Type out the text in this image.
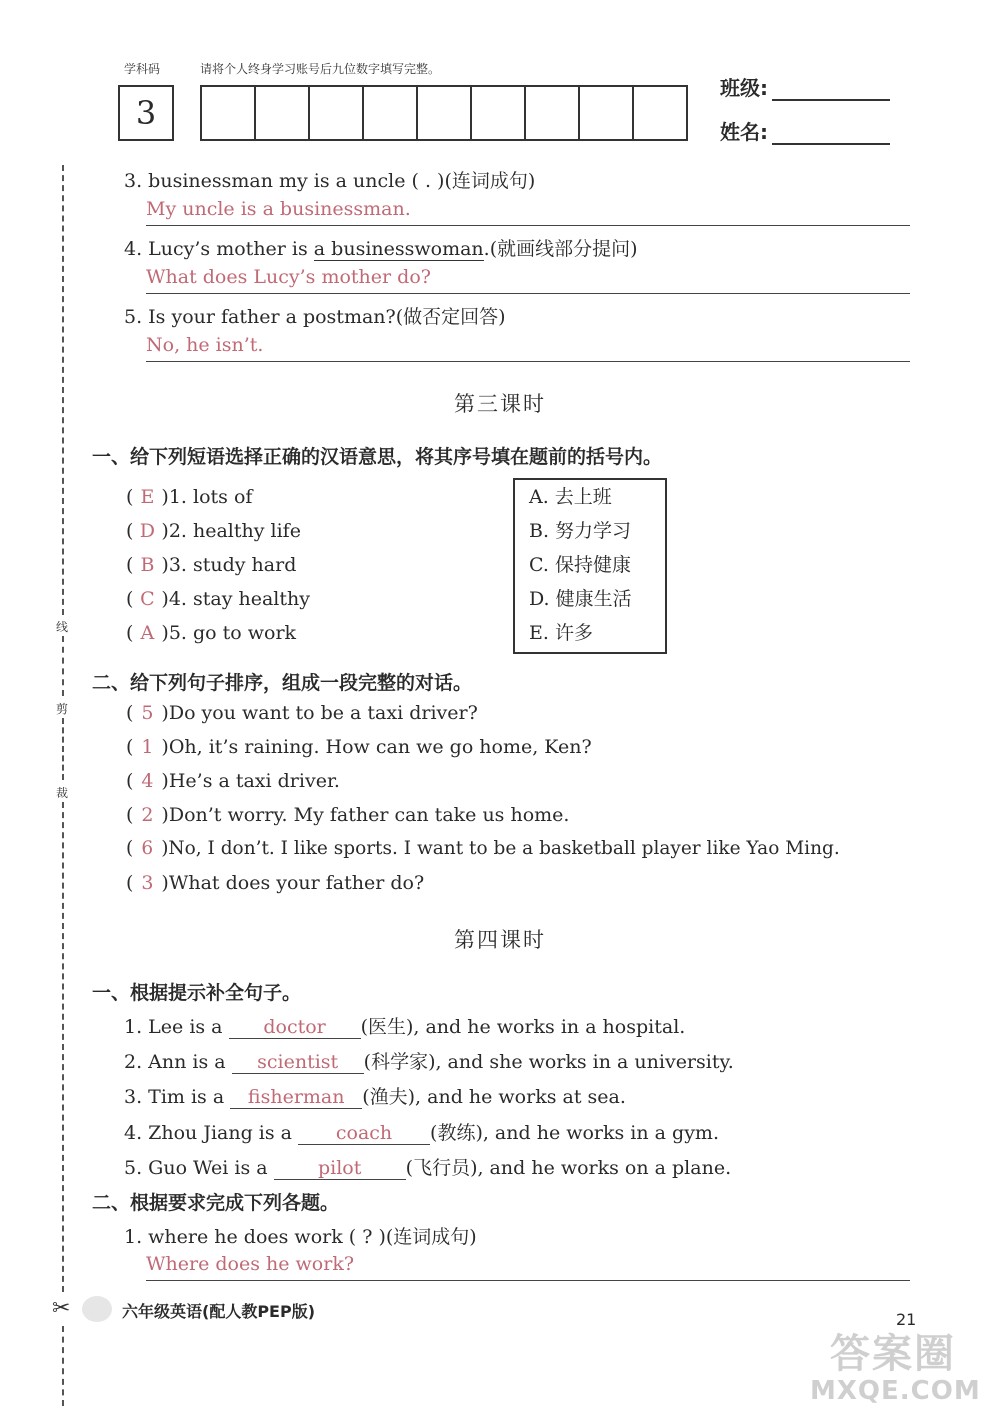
学科码	请将个人终身学习账号后九位数字填写完整。
3
班级:
姓名:
线
剪
裁
✂
3. businessman my is a uncle ( . )(连词成句)
My uncle is a businessman.
4. Lucy’s mother is a businesswoman.(就画线部分提问)
What does Lucy’s mother do?
5. Is your father a postman?(做否定回答)
No, he isn’t.
第三课时
一、给下列短语选择正确的汉语意思，将其序号填在题前的括号内。
( E )1. lots of
( D )2. healthy life
( B )3. study hard
( C )4. stay healthy
( A )5. go to work
A. 去上班
B. 努力学习
C. 保持健康
D. 健康生活
E. 许多
二、给下列句子排序，组成一段完整的对话。
( 5 )Do you want to be a taxi driver?
( 1 )Oh, it’s raining. How can we go home, Ken?
( 4 )He’s a taxi driver.
( 2 )Don’t worry. My father can take us home.
( 6 )No, I don’t. I like sports. I want to be a basketball player like Yao Ming.
( 3 )What does your father do?
第四课时
一、根据提示补全句子。
1. Lee is a doctor (医生), and he works in a hospital.
2. Ann is a scientist (科学家), and she works in a university.
3. Tim is a fisherman (渔夫), and he works at sea.
4. Zhou Jiang is a coach (教练), and he works in a gym.
5. Guo Wei is a	pilot (飞行员), and he works on a plane.
二、根据要求完成下列各题。
1. where he does work ( ? )(连词成句)
Where does he work?
六年级英语(配人教PEP版)	21
答案圈
MXQE.COM
